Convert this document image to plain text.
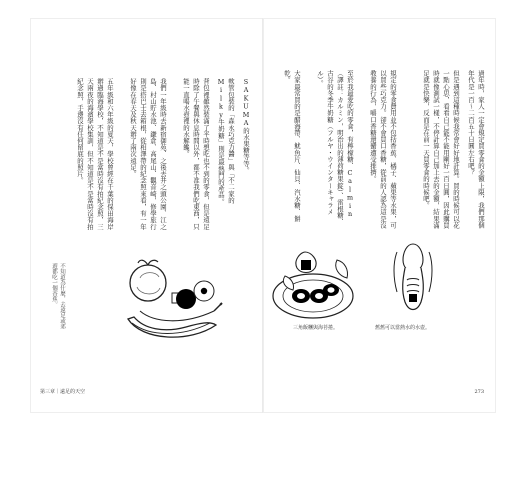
SAKUMA的水果糖等等。
軟管包裝的「森永巧克力醬」與「不二家的Milky牛奶糖」則是最熱門的產品。
背包裡雖然裝滿了平時想吃也不到的零食，但是遠足時除了午餐與休息時間以外，都不准我們吃東西，只能一直喝水壺裡的水解饞。
我們一年級時去新宿御苑、之後去井之頭公園、江之島、村山貯水池、鎌倉、高尾山、觀音崎，修學旅行則是搭巴士去箱根，從相澤帶的紀念照來看，有一年好像在春天及秋天辦了兩次遠足。
五年級和六年級的夏天，學校曾經在千葉的保田海岸辦過臨海學校，不知道是不是當時沒有拍紀念照，三天兩夜的海濱學校集訓，但不知道是不是當時沒有拍紀念照，手邊沒有任何留底的照片。
不知道為什麼，去遠足或郊遊都吃一個香蕉。
第三章｜遠足的天空
過年時，家人一定會規定買零食的金額上限，我們那個年代是一百～二百五十日圓左右吧？
但是遇到這種時候我常會好好地計算。買的時候可以花一點心思，看看自己能不能用剛好一百日圓，因此購買時就像測試一樣，不停計算自己加上去的金額，結果滿足就是快樂，反而是在前一天買零食的時候吧。
規定的零食費用並不包括香蕉、橘子、蘋果等水果，可以買些巧克力。卻不會買口香糖，從前的人認為這是沒教養的行為，嚼口香糖還蠻遭受排擠。
至於我最愛吃的零食，有檸檬糖、Calmin（譯註：カルミン，明治出的薄荷糖果錠）、雷根糖、古谷的冬季牛奶糖（フルヤ・ウインターキャラメル）。
大家最常買的是醋海帶、魷魚片、仙貝、汽水糖、餅乾。
三角飯糰與海苔捲。	舊舊可以當熱水的水壺。
273
